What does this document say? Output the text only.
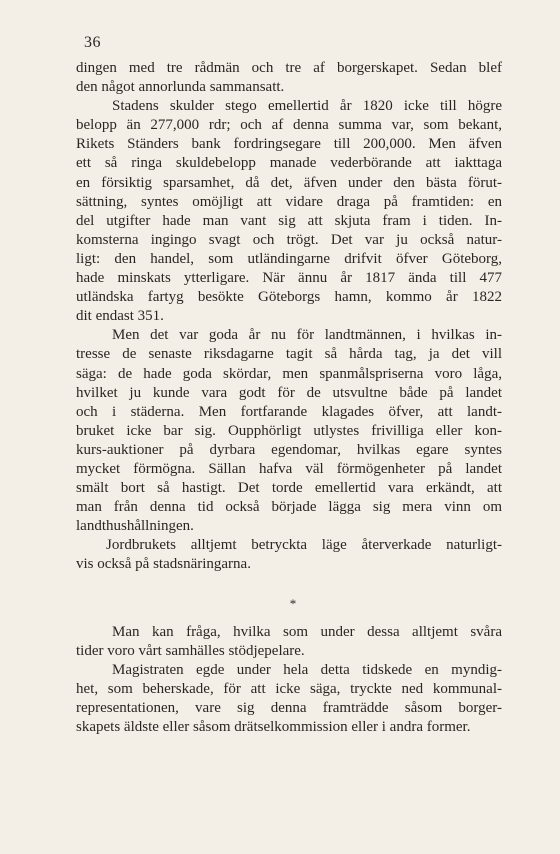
36
dingen med tre rådmän och tre af borgerskapet. Sedan blef
den något annorlunda sammansatt.
Stadens skulder stego emellertid år 1820 icke till högre
belopp än 277,000 rdr; och af denna summa var, som bekant,
Rikets Ständers bank fordringsegare till 200,000. Men äfven
ett så ringa skuldebelopp manade vederbörande att iakttaga
en försiktig sparsamhet, då det, äfven under den bästa förut-
sättning, syntes omöjligt att vidare draga på framtiden: en
del utgifter hade man vant sig att skjuta fram i tiden. In-
komsterna ingingo svagt och trögt. Det var ju också natur-
ligt: den handel, som utländingarne drifvit öfver Göteborg,
hade minskats ytterligare. När ännu år 1817 ända till 477
utländska fartyg besökte Göteborgs hamn, kommo år 1822
dit endast 351.
Men det var goda år nu för landtmännen, i hvilkas in-
tresse de senaste riksdagarne tagit så hårda tag, ja det vill
säga: de hade goda skördar, men spanmålspriserna voro låga,
hvilket ju kunde vara godt för de utsvultne både på landet
och i städerna. Men fortfarande klagades öfver, att landt-
bruket icke bar sig. Oupphörligt utlystes frivilliga eller kon-
kurs-auktioner på dyrbara egendomar, hvilkas egare syntes
mycket förmögna. Sällan hafva väl förmögenheter på landet
smält bort så hastigt. Det torde emellertid vara erkändt, att
man från denna tid också började lägga sig mera vinn om
landthushållningen.
Jordbrukets alltjemt betryckta läge återverkade naturligt-
vis också på stadsnäringarna.
*
Man kan fråga, hvilka som under dessa alltjemt svåra
tider voro vårt samhälles stödjepelare.
Magistraten egde under hela detta tidskede en myndig-
het, som beherskade, för att icke säga, tryckte ned kommunal-
representationen, vare sig denna framträdde såsom borger-
skapets äldste eller såsom drätselkommission eller i andra former.
